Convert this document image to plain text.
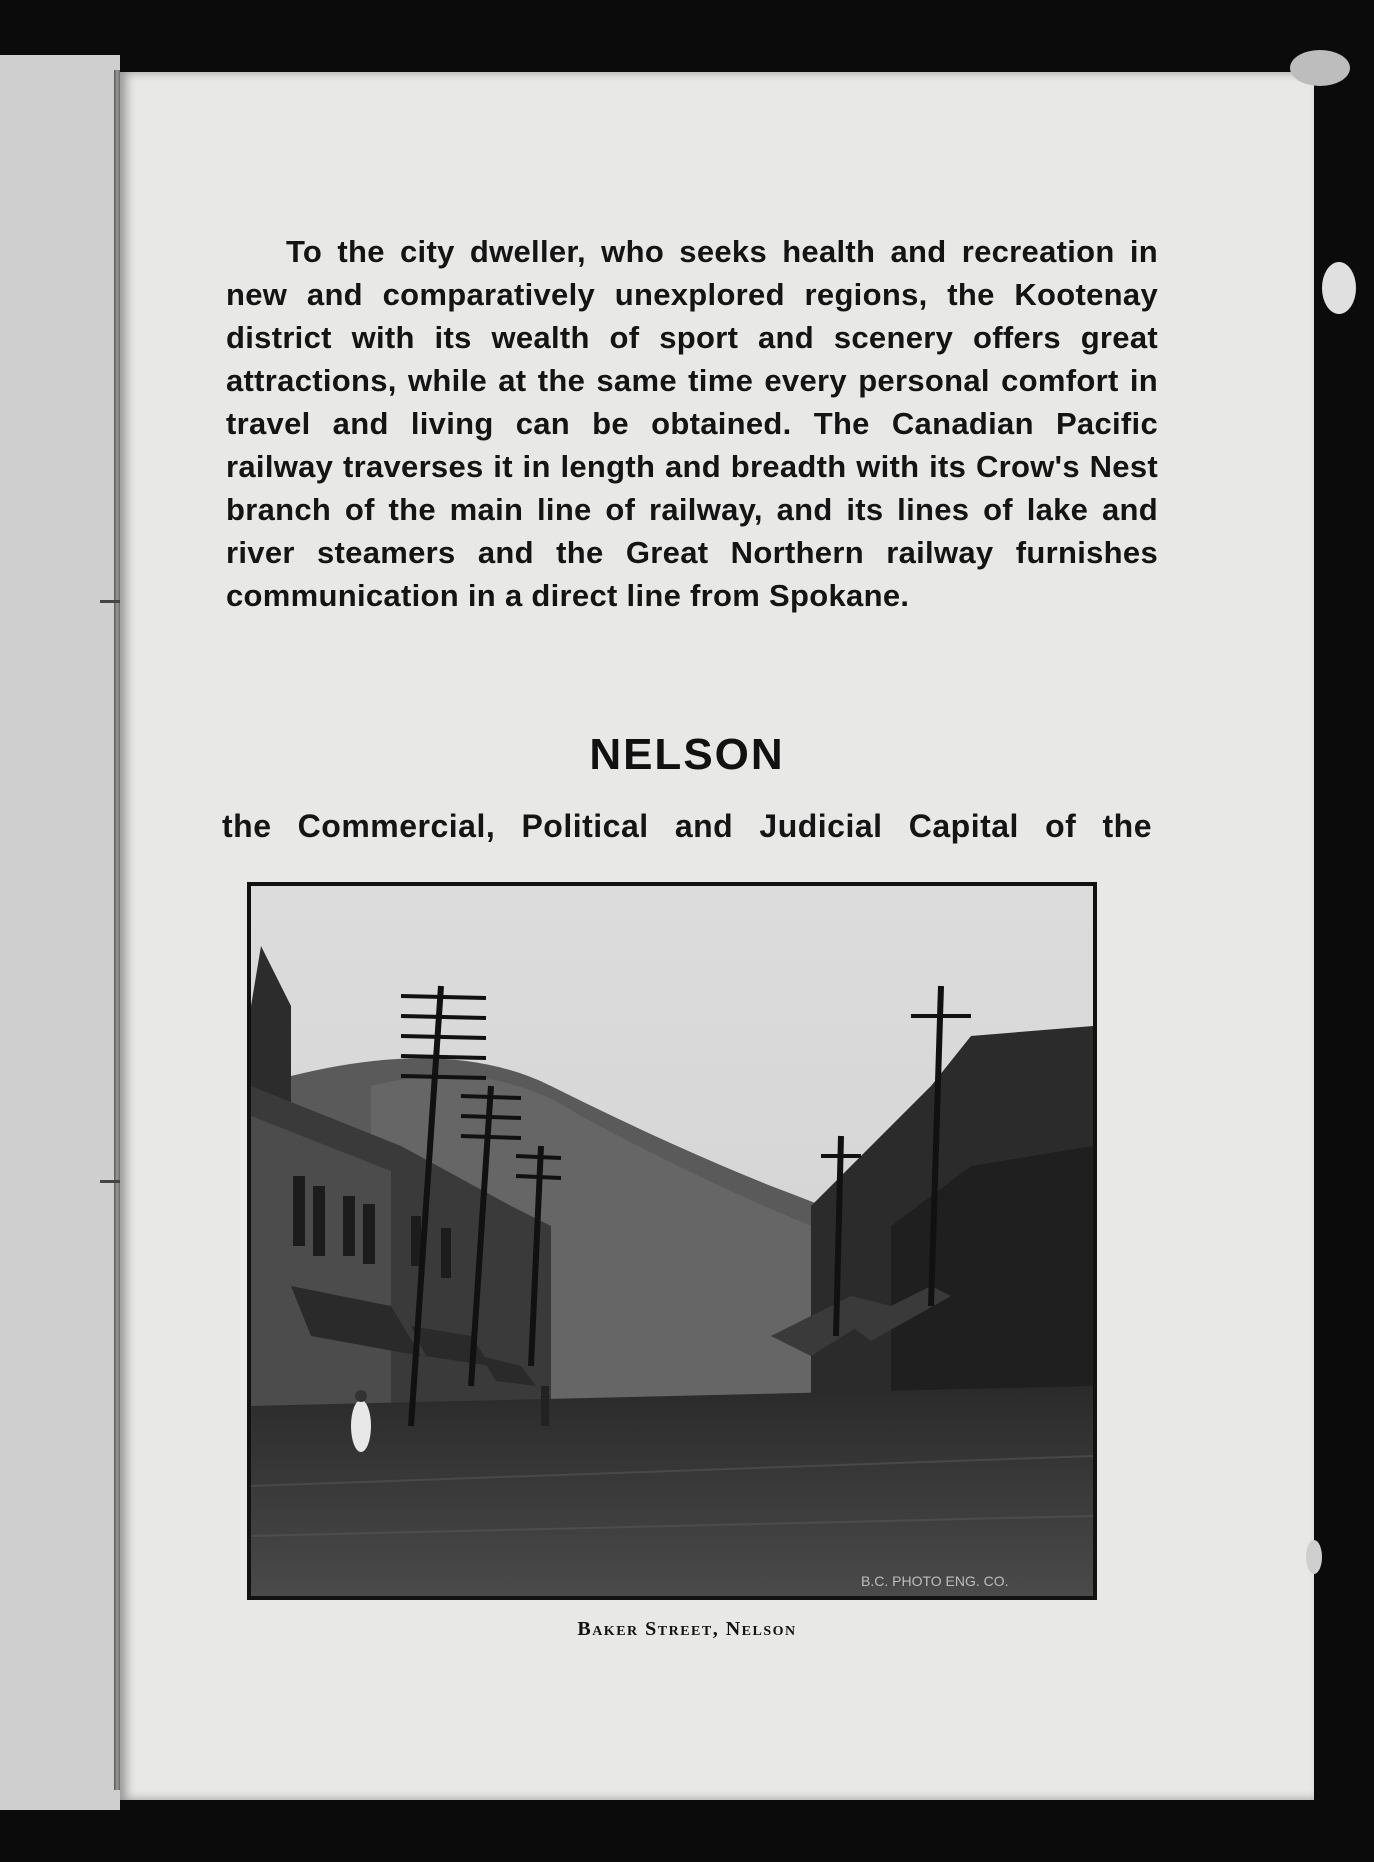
To the city dweller, who seeks health and recreation in new and comparatively unexplored regions, the Kootenay district with its wealth of sport and scenery offers great attractions, while at the same time every personal comfort in travel and living can be obtained. The Canadian Pacific railway traverses it in length and breadth with its Crow's Nest branch of the main line of railway, and its lines of lake and river steamers and the Great Northern railway furnishes communication in a direct line from Spokane.

NELSON

the Commercial, Political and Judicial Capital of the

B.C. PHOTO ENG. CO.

Baker Street, Nelson
